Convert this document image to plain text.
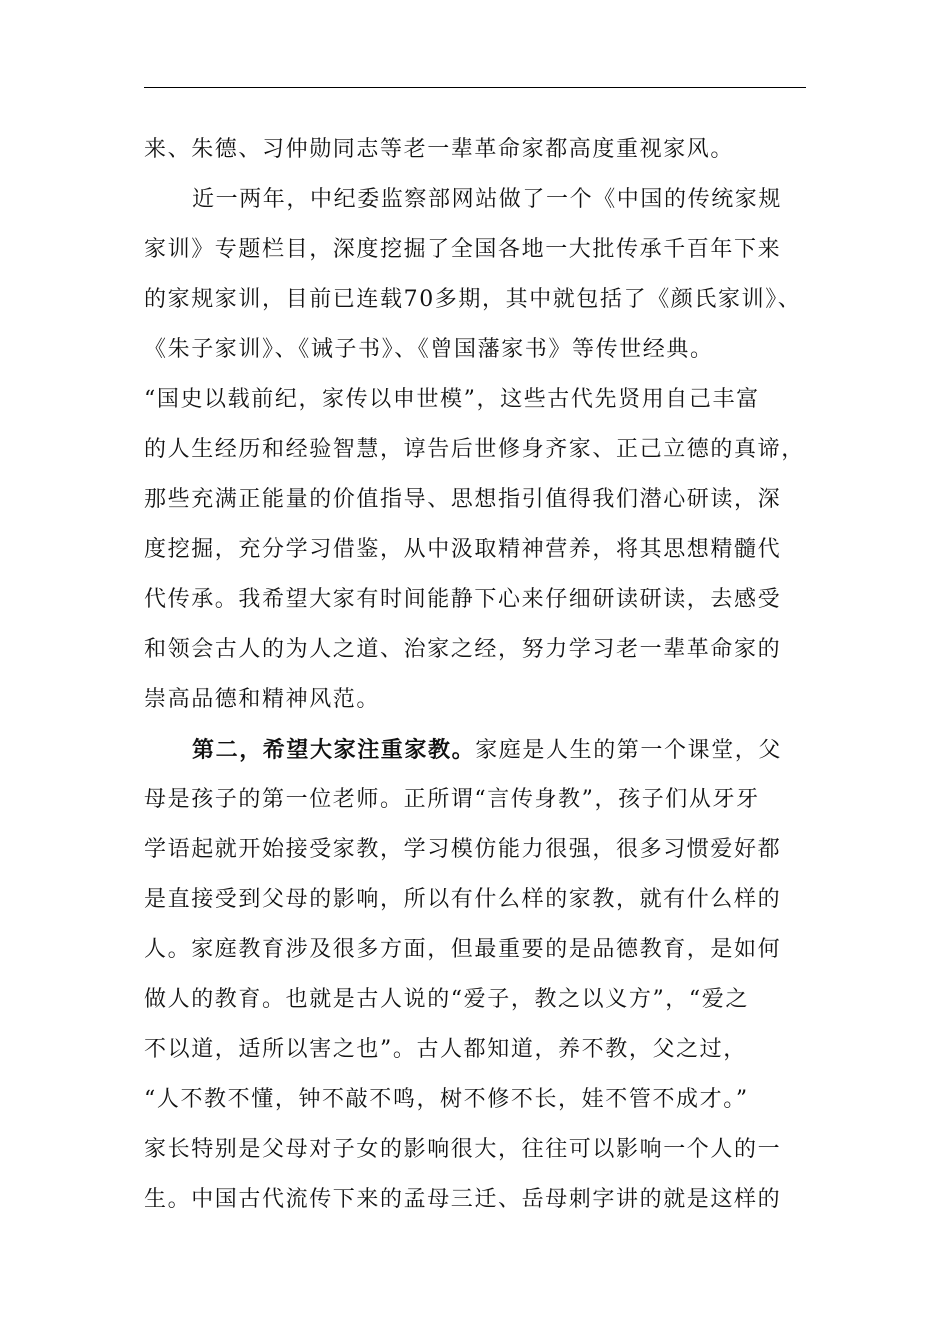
来、朱德、习仲勋同志等老一辈革命家都高度重视家风。
近一两年，中纪委监察部网站做了一个《中国的传统家规
家训》专题栏目，深度挖掘了全国各地一大批传承千百年下来
的家规家训，目前已连载70多期，其中就包括了《颜氏家训》、
《朱子家训》、《诫子书》、《曾国藩家书》等传世经典。
“国史以载前纪，家传以申世模”，这些古代先贤用自己丰富
的人生经历和经验智慧，谆告后世修身齐家、正己立德的真谛，
那些充满正能量的价值指导、思想指引值得我们潜心研读，深
度挖掘，充分学习借鉴，从中汲取精神营养，将其思想精髓代
代传承。我希望大家有时间能静下心来仔细研读研读，去感受
和领会古人的为人之道、治家之经，努力学习老一辈革命家的
崇高品德和精神风范。
第二，希望大家注重家教。家庭是人生的第一个课堂，父
母是孩子的第一位老师。正所谓“言传身教”，孩子们从牙牙
学语起就开始接受家教，学习模仿能力很强，很多习惯爱好都
是直接受到父母的影响，所以有什么样的家教，就有什么样的
人。家庭教育涉及很多方面，但最重要的是品德教育，是如何
做人的教育。也就是古人说的“爱子，教之以义方”，“爱之
不以道，适所以害之也”。古人都知道，养不教，父之过，
“人不教不懂，钟不敲不鸣，树不修不长，娃不管不成才。”
家长特别是父母对子女的影响很大，往往可以影响一个人的一
生。中国古代流传下来的孟母三迁、岳母刺字讲的就是这样的
